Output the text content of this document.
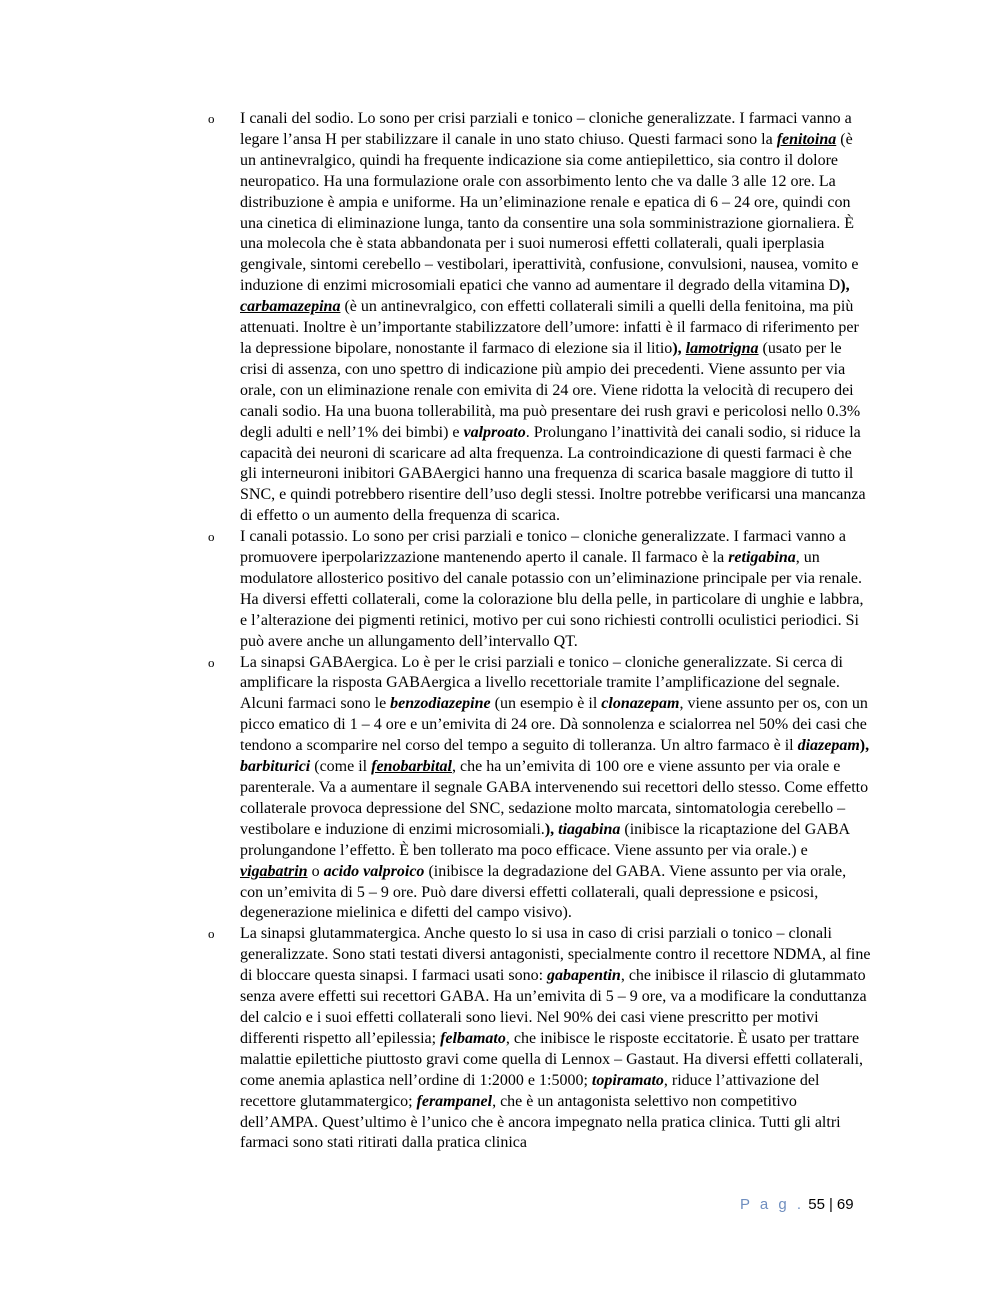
o I canali del sodio. Lo sono per crisi parziali e tonico – cloniche generalizzate. I farmaci vanno a legare l’ansa H per stabilizzare il canale in uno stato chiuso. Questi farmaci sono la fenitoina (è un antinevralgico, quindi ha frequente indicazione sia come antiepilettico, sia contro il dolore neuropatico. Ha una formulazione orale con assorbimento lento che va dalle 3 alle 12 ore. La distribuzione è ampia e uniforme. Ha un’eliminazione renale e epatica di 6 – 24 ore, quindi con una cinetica di eliminazione lunga, tanto da consentire una sola somministrazione giornaliera. È una molecola che è stata abbandonata per i suoi numerosi effetti collaterali, quali iperplasia gengivale, sintomi cerebello – vestibolari, iperattività, confusione, convulsioni, nausea, vomito e induzione di enzimi microsomiali epatici che vanno ad aumentare il degrado della vitamina D), carbamazepina (è un antinevralgico, con effetti collaterali simili a quelli della fenitoina, ma più attenuati. Inoltre è un’importante stabilizzatore dell’umore: infatti è il farmaco di riferimento per la depressione bipolare, nonostante il farmaco di elezione sia il litio), lamotrigna (usato per le crisi di assenza, con uno spettro di indicazione più ampio dei precedenti. Viene assunto per via orale, con un eliminazione renale con emivita di 24 ore. Viene ridotta la velocità di recupero dei canali sodio. Ha una buona tollerabilità, ma può presentare dei rush gravi e pericolosi nello 0.3% degli adulti e nell’1% dei bimbi) e valproato. Prolungano l’inattività dei canali sodio, si riduce la capacità dei neuroni di scaricare ad alta frequenza. La controindicazione di questi farmaci è che gli interneuroni inibitori GABAergici hanno una frequenza di scarica basale maggiore di tutto il SNC, e quindi potrebbero risentire dell’uso degli stessi. Inoltre potrebbe verificarsi una mancanza di effetto o un aumento della frequenza di scarica.
o I canali potassio. Lo sono per crisi parziali e tonico – cloniche generalizzate. I farmaci vanno a promuovere iperpolarizzazione mantenendo aperto il canale. Il farmaco è la retigabina, un modulatore allosterico positivo del canale potassio con un’eliminazione principale per via renale. Ha diversi effetti collaterali, come la colorazione blu della pelle, in particolare di unghie e labbra, e l’alterazione dei pigmenti retinici, motivo per cui sono richiesti controlli oculistici periodici. Si può avere anche un allungamento dell’intervallo QT.
o La sinapsi GABAergica. Lo è per le crisi parziali e tonico – cloniche generalizzate. Si cerca di amplificare la risposta GABAergica a livello recettoriale tramite l’amplificazione del segnale. Alcuni farmaci sono le benzodiazepine (un esempio è il clonazepam, viene assunto per os, con un picco ematico di 1 – 4 ore e un’emivita di 24 ore. Dà sonnolenza e scialorrea nel 50% dei casi che tendono a scomparire nel corso del tempo a seguito di tolleranza. Un altro farmaco è il diazepam), barbiturici (come il fenobarbital, che ha un’emivita di 100 ore e viene assunto per via orale e parenterale. Va a aumentare il segnale GABA intervenendo sui recettori dello stesso. Come effetto collaterale provoca depressione del SNC, sedazione molto marcata, sintomatologia cerebello – vestibolare e induzione di enzimi microsomiali.), tiagabina (inibisce la ricaptazione del GABA prolungandone l’effetto. È ben tollerato ma poco efficace. Viene assunto per via orale.) e vigabatrin o acido valproico (inibisce la degradazione del GABA. Viene assunto per via orale, con un’emivita di 5 – 9 ore. Può dare diversi effetti collaterali, quali depressione e psicosi, degenerazione mielinica e difetti del campo visivo).
o La sinapsi glutammatergica. Anche questo lo si usa in caso di crisi parziali o tonico – clonali generalizzate. Sono stati testati diversi antagonisti, specialmente contro il recettore NDMA, al fine di bloccare questa sinapsi. I farmaci usati sono: gabapentin, che inibisce il rilascio di glutammato senza avere effetti sui recettori GABA. Ha un’emivita di 5 – 9 ore, va a modificare la conduttanza del calcio e i suoi effetti collaterali sono lievi. Nel 90% dei casi viene prescritto per motivi differenti rispetto all’epilessia; felbamato, che inibisce le risposte eccitatorie. È usato per trattare malattie epilettiche piuttosto gravi come quella di Lennox – Gastaut. Ha diversi effetti collaterali, come anemia aplastica nell’ordine di 1:2000 e 1:5000; topiramato, riduce l’attivazione del recettore glutammatergico; ferampanel, che è un antagonista selettivo non competitivo dell’AMPA. Quest’ultimo è l’unico che è ancora impegnato nella pratica clinica. Tutti gli altri farmaci sono stati ritirati dalla pratica clinica
P a g . 55 | 69
